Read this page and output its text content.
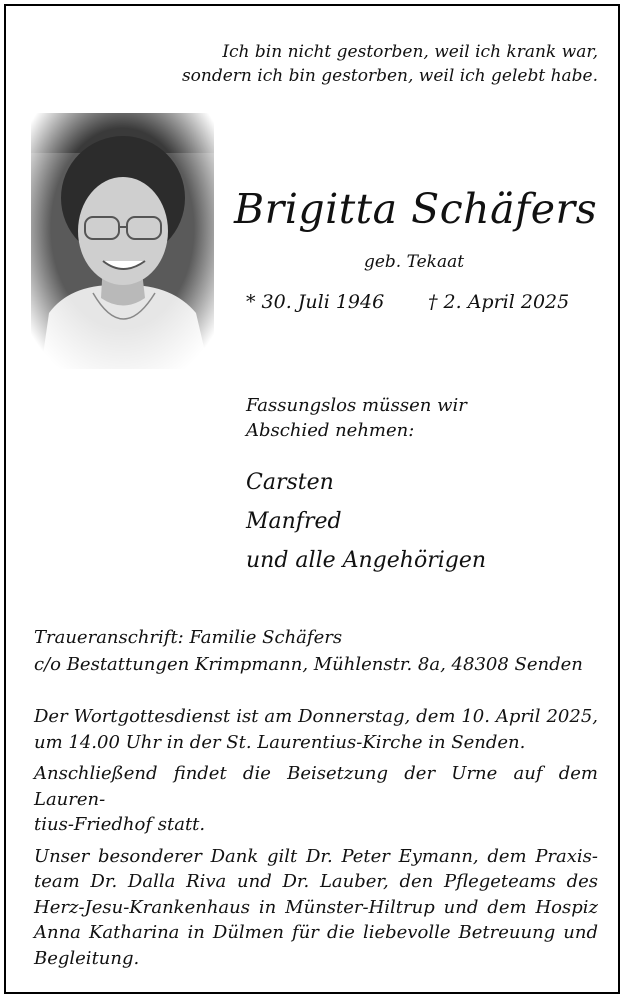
Ich bin nicht gestorben, weil ich krank war,
sondern ich bin gestorben, weil ich gelebt habe.
Brigitta Schäfers
geb. Tekaat
* 30. Juli 1946 † 2. April 2025
Fassungslos müssen wir
Abschied nehmen:
Carsten
Manfred
und alle Angehörigen
Traueranschrift: Familie Schäfers
c/o Bestattungen Krimpmann, Mühlenstr. 8a, 48308 Senden
Der Wortgottesdienst ist am Donnerstag, dem 10. April 2025,
um 14.00 Uhr in der St. Laurentius-Kirche in Senden.
Anschließend findet die Beisetzung der Urne auf dem Lauren-
tius-Friedhof statt.
Unser besonderer Dank gilt Dr. Peter Eymann, dem Praxis-
team Dr. Dalla Riva und Dr. Lauber, den Pflegeteams des
Herz-Jesu-Krankenhaus in Münster-Hiltrup und dem Hospiz
Anna Katharina in Dülmen für die liebevolle Betreuung und
Begleitung.
